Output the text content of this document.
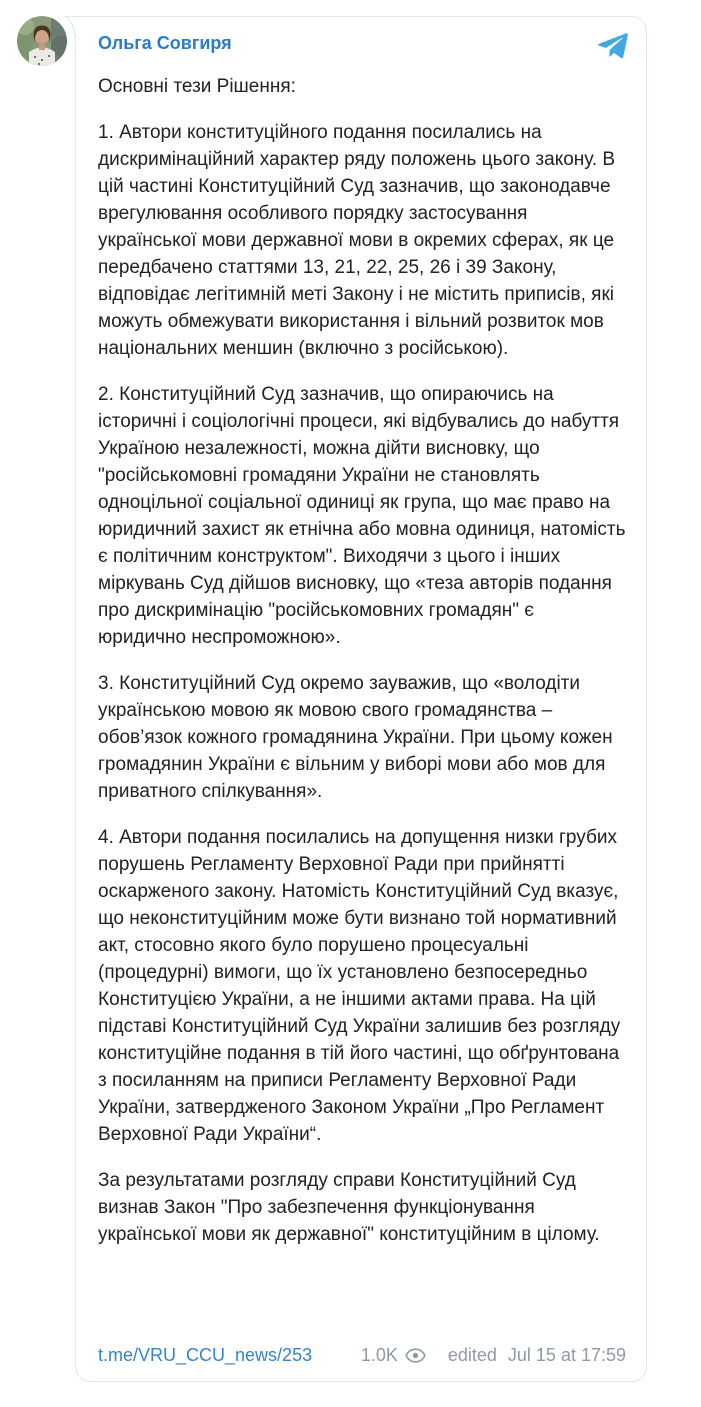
Ольга Совгиря

Основні тези Рішення:

1. Автори конституційного подання посилались на дискримінаційний характер ряду положень цього закону. В цій частині Конституційний Суд зазначив, що законодавче врегулювання особливого порядку застосування української мови державної мови в окремих сферах, як це передбачено статтями 13, 21, 22, 25, 26 і 39 Закону, відповідає легітимній меті Закону і не містить приписів, які можуть обмежувати використання і вільний розвиток мов національних меншин (включно з російською).

2. Конституційний Суд зазначив, що опираючись на історичні і соціологічні процеси, які відбувались до набуття Україною незалежності, можна дійти висновку, що "російськомовні громадяни України не становлять одноцільної соціальної одиниці як група, що має право на юридичний захист як етнічна або мовна одиниця, натомість є політичним конструктом". Виходячи з цього і інших міркувань Суд дійшов висновку, що «теза авторів подання про дискримінацію "російськомовних громадян" є юридично неспроможною».

3. Конституційний Суд окремо зауважив, що «володіти українською мовою як мовою свого громадянства – обов’язок кожного громадянина України. При цьому кожен громадянин України є вільним у виборі мови або мов для приватного спілкування».

4. Автори подання посилались на допущення низки грубих порушень Регламенту Верховної Ради при прийнятті оскарженого закону. Натомість Конституційний Суд вказує, що неконституційним може бути визнано той нормативний акт, стосовно якого було порушено процесуальні (процедурні) вимоги, що їх установлено безпосередньо Конституцією України, а не іншими актами права. На цій підставі Конституційний Суд України залишив без розгляду конституційне подання в тій його частині, що обґрунтована з посиланням на приписи Регламенту Верховної Ради України, затвердженого Законом України „Про Регламент Верховної Ради України“.

За результатами розгляду справи Конституційний Суд визнав Закон "Про забезпечення функціонування української мови як державної" конституційним в цілому.

t.me/VRU_CCU_news/253	1.0K	edited Jul 15 at 17:59
